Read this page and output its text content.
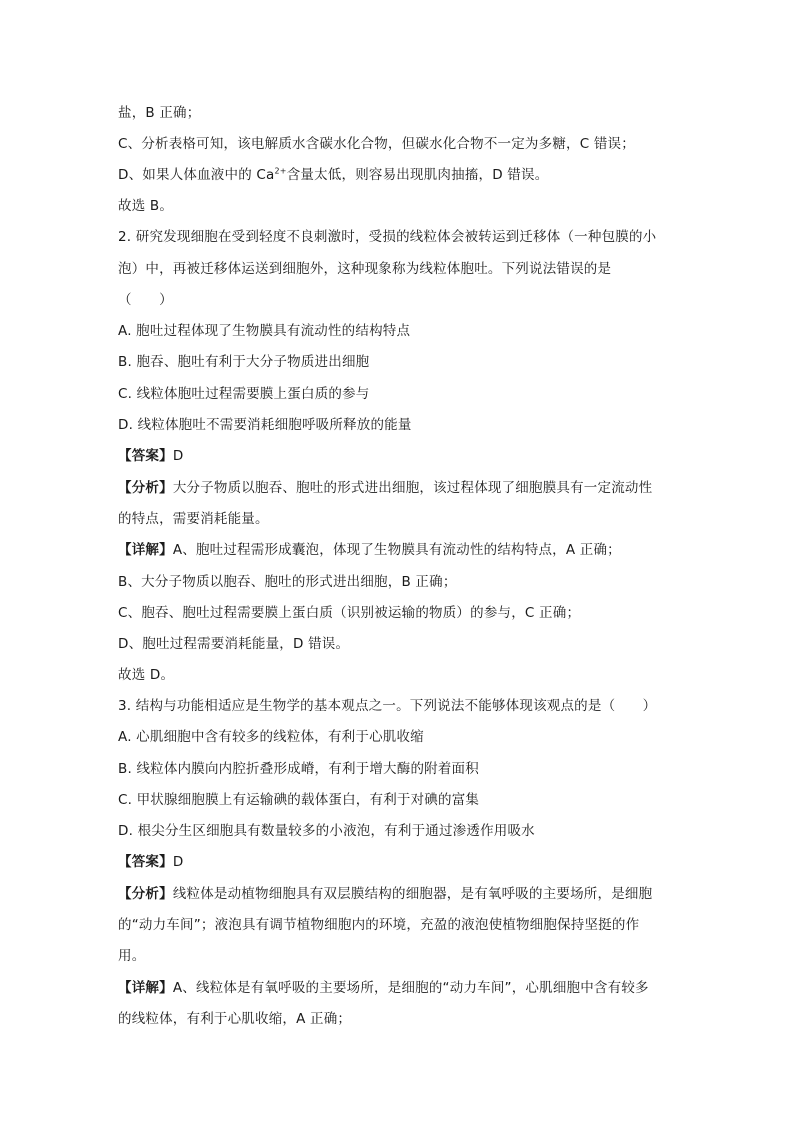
盐，B 正确；
C、分析表格可知，该电解质水含碳水化合物，但碳水化合物不一定为多糖，C 错误；
D、如果人体血液中的 $Ca^{2+}$含量太低，则容易出现肌肉抽搐，D 错误。
故选 B。
2. 研究发现细胞在受到轻度不良刺激时，受损的线粒体会被转运到迁移体（一种包膜的小
泡）中，再被迁移体运送到细胞外，这种现象称为线粒体胞吐。下列说法错误的是
（　　）
A. 胞吐过程体现了生物膜具有流动性的结构特点
B. 胞吞、胞吐有利于大分子物质进出细胞
C. 线粒体胞吐过程需要膜上蛋白质的参与
D. 线粒体胞吐不需要消耗细胞呼吸所释放的能量
【答案】D
【分析】大分子物质以胞吞、胞吐的形式进出细胞，该过程体现了细胞膜具有一定流动性
的特点，需要消耗能量。
【详解】A、胞吐过程需形成囊泡，体现了生物膜具有流动性的结构特点，A 正确；
B、大分子物质以胞吞、胞吐的形式进出细胞，B 正确；
C、胞吞、胞吐过程需要膜上蛋白质（识别被运输的物质）的参与，C 正确；
D、胞吐过程需要消耗能量，D 错误。
故选 D。
3. 结构与功能相适应是生物学的基本观点之一。下列说法不能够体现该观点的是（　　）
A. 心肌细胞中含有较多的线粒体，有利于心肌收缩
B. 线粒体内膜向内腔折叠形成嵴，有利于增大酶的附着面积
C. 甲状腺细胞膜上有运输碘的载体蛋白，有利于对碘的富集
D. 根尖分生区细胞具有数量较多的小液泡，有利于通过渗透作用吸水
【答案】D
【分析】线粒体是动植物细胞具有双层膜结构的细胞器，是有氧呼吸的主要场所，是细胞
的“动力车间”；液泡具有调节植物细胞内的环境，充盈的液泡使植物细胞保持坚挺的作
用。
【详解】A、线粒体是有氧呼吸的主要场所，是细胞的“动力车间”，心肌细胞中含有较多
的线粒体，有利于心肌收缩，A 正确；
